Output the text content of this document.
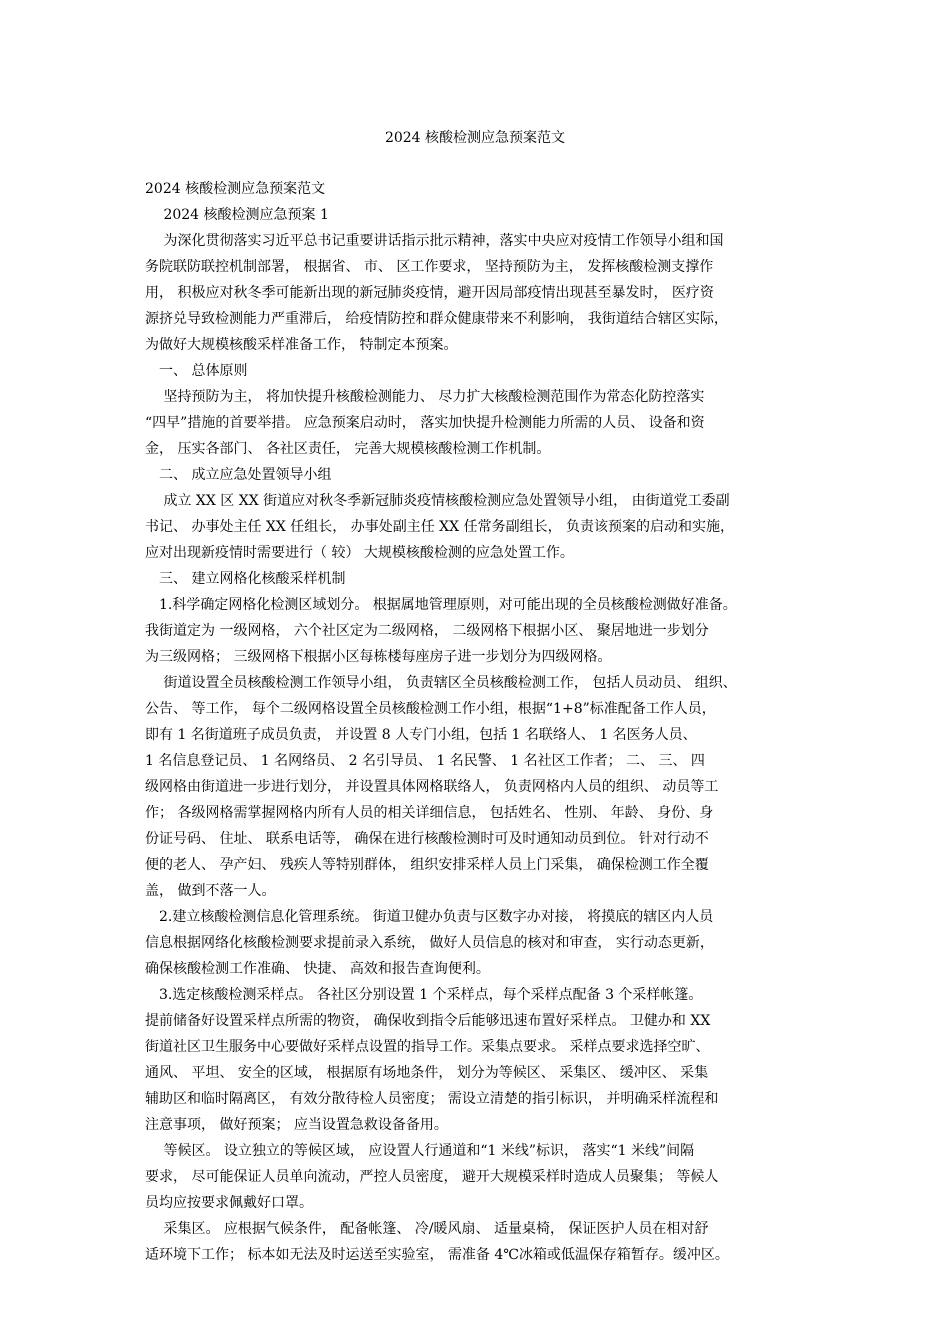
2024 核酸检测应急预案范文
2024 核酸检测应急预案范文
　 2024 核酸检测应急预案 1
　 为深化贯彻落实习近平总书记重要讲话指示批示精神，落实中央应对疫情工作领导小组和国
务院联防联控机制部署， 根据省、 市、 区工作要求， 坚持预防为主， 发挥核酸检测支撑作
用， 积极应对秋冬季可能新出现的新冠肺炎疫情，避开因局部疫情出现甚至暴发时， 医疗资
源挤兑导致检测能力严重滞后， 给疫情防控和群众健康带来不利影响， 我街道结合辖区实际，
为做好大规模核酸采样准备工作， 特制定本预案。
　一、 总体原则
　 坚持预防为主， 将加快提升核酸检测能力、 尽力扩大核酸检测范围作为常态化防控落实
“四早”措施的首要举措。 应急预案启动时， 落实加快提升检测能力所需的人员、 设备和资
金， 压实各部门、 各社区责任， 完善大规模核酸检测工作机制。
　二、 成立应急处置领导小组
　 成立 XX 区 XX 街道应对秋冬季新冠肺炎疫情核酸检测应急处置领导小组， 由街道党工委副
书记、 办事处主任 XX 任组长， 办事处副主任 XX 任常务副组长， 负责该预案的启动和实施，
应对出现新疫情时需要进行（ 较） 大规模核酸检测的应急处置工作。
　三、 建立网格化核酸采样机制
　1.科学确定网格化检测区域划分。 根据属地管理原则，对可能出现的全员核酸检测做好准备。
我街道定为 一级网格， 六个社区定为二级网格， 二级网格下根据小区、 聚居地进一步划分
为三级网格； 三级网格下根据小区每栋楼每座房子进一步划分为四级网格。
　 街道设置全员核酸检测工作领导小组， 负责辖区全员核酸检测工作， 包括人员动员、 组织、
公告、 等工作， 每个二级网格设置全员核酸检测工作小组，根据“1+8”标准配备工作人员，
即有 1 名街道班子成员负责， 并设置 8 人专门小组，包括 1 名联络人、 1 名医务人员、
1 名信息登记员、 1 名网络员、 2 名引导员、 1 名民警、 1 名社区工作者； 二、 三、 四
级网格由街道进一步进行划分， 并设置具体网格联络人， 负责网格内人员的组织、 动员等工
作； 各级网格需掌握网格内所有人员的相关详细信息， 包括姓名、 性别、 年龄、 身份、身
份证号码、 住址、 联系电话等， 确保在进行核酸检测时可及时通知动员到位。 针对行动不
便的老人、 孕产妇、 残疾人等特别群体， 组织安排采样人员上门采集， 确保检测工作全覆
盖， 做到不落一人。
　2.建立核酸检测信息化管理系统。 街道卫健办负责与区数字办对接， 将摸底的辖区内人员
信息根据网络化核酸检测要求提前录入系统， 做好人员信息的核对和审查， 实行动态更新，
确保核酸检测工作准确、 快捷、 高效和报告查询便利。
　3.选定核酸检测采样点。 各社区分别设置 1 个采样点，每个采样点配备 3 个采样帐篷。
提前储备好设置采样点所需的物资， 确保收到指令后能够迅速布置好采样点。 卫健办和 XX
街道社区卫生服务中心要做好采样点设置的指导工作。采集点要求。 采样点要求选择空旷、
通风、 平坦、 安全的区域， 根据原有场地条件， 划分为等候区、 采集区、 缓冲区、 采集
辅助区和临时隔离区， 有效分散待检人员密度； 需设立清楚的指引标识， 并明确采样流程和
注意事项， 做好预案； 应当设置急救设备备用。
　 等候区。 设立独立的等候区域， 应设置人行通道和“1 米线”标识， 落实“1 米线”间隔
要求， 尽可能保证人员单向流动，严控人员密度， 避开大规模采样时造成人员聚集； 等候人
员均应按要求佩戴好口罩。
　 采集区。 应根据气候条件， 配备帐篷、 冷/暖风扇、 适量桌椅， 保证医护人员在相对舒
适环境下工作； 标本如无法及时运送至实验室， 需准备 4℃冰箱或低温保存箱暂存。缓冲区。
